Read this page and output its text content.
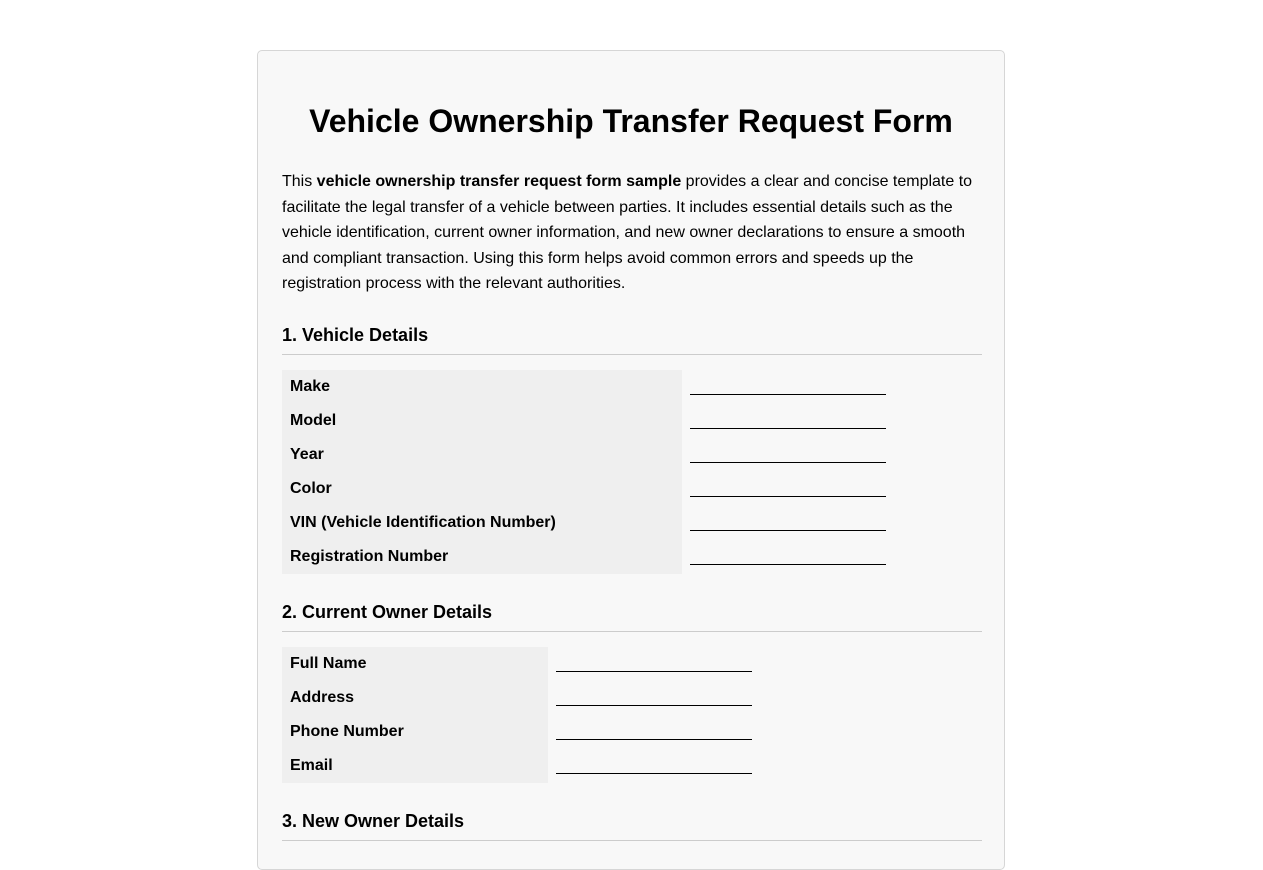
Vehicle Ownership Transfer Request Form

This vehicle ownership transfer request form sample provides a clear and concise template to facilitate the legal transfer of a vehicle between parties. It includes essential details such as the vehicle identification, current owner information, and new owner declarations to ensure a smooth and compliant transaction. Using this form helps avoid common errors and speeds up the registration process with the relevant authorities.

1. Vehicle Details
Make	
Model	
Year	
Color	
VIN (Vehicle Identification Number)	
Registration Number	
2. Current Owner Details
Full Name	
Address	
Phone Number	
Email	
3. New Owner Details
